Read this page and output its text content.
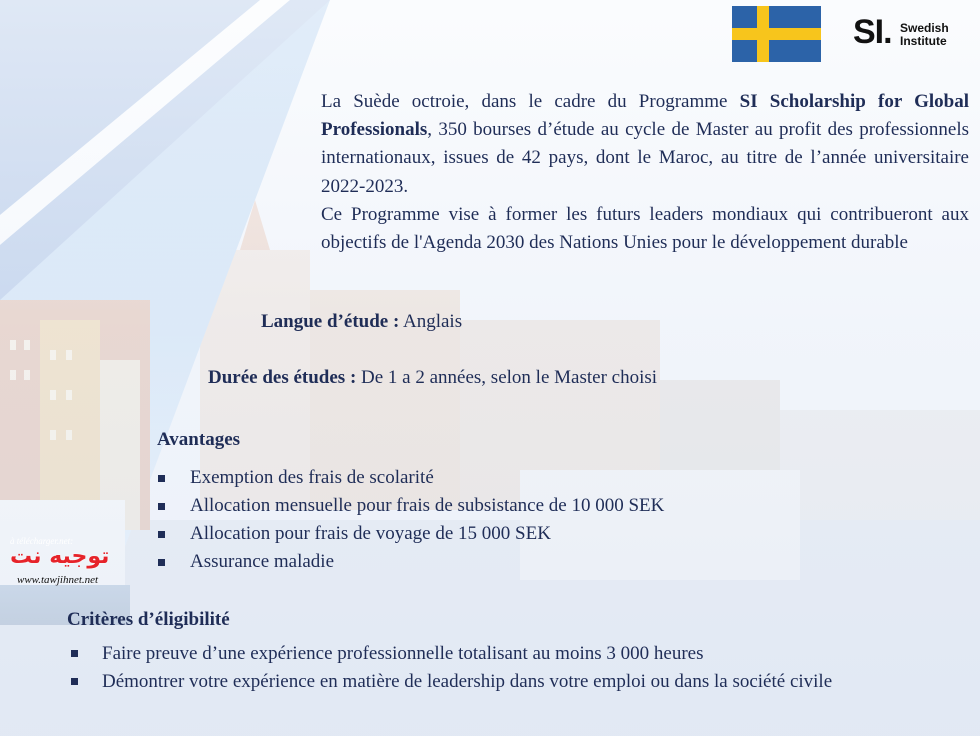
SI. Swedish
Institute
à télécharger.net:
توجيه نت
www.tawjihnet.net

La Suède octroie, dans le cadre du Programme SI Scholarship for Global Professionals, 350 bourses d’étude au cycle de Master au profit des professionnels internationaux, issues de 42 pays, dont le Maroc, au titre de l’année universitaire 2022-2023.

Ce Programme vise à former les futurs leaders mondiaux qui contribueront aux objectifs de l'Agenda 2030 des Nations Unies pour le développement durable

Langue d’étude : Anglais
Durée des études : De 1 a 2 années, selon le Master choisi
Avantages
Exemption des frais de scolarité
Allocation mensuelle pour frais de subsistance de 10 000 SEK
Allocation pour frais de voyage de 15 000 SEK
Assurance maladie
Critères d’éligibilité
Faire preuve d’une expérience professionnelle totalisant au moins 3 000 heures
Démontrer votre expérience en matière de leadership dans votre emploi ou dans la société civile
